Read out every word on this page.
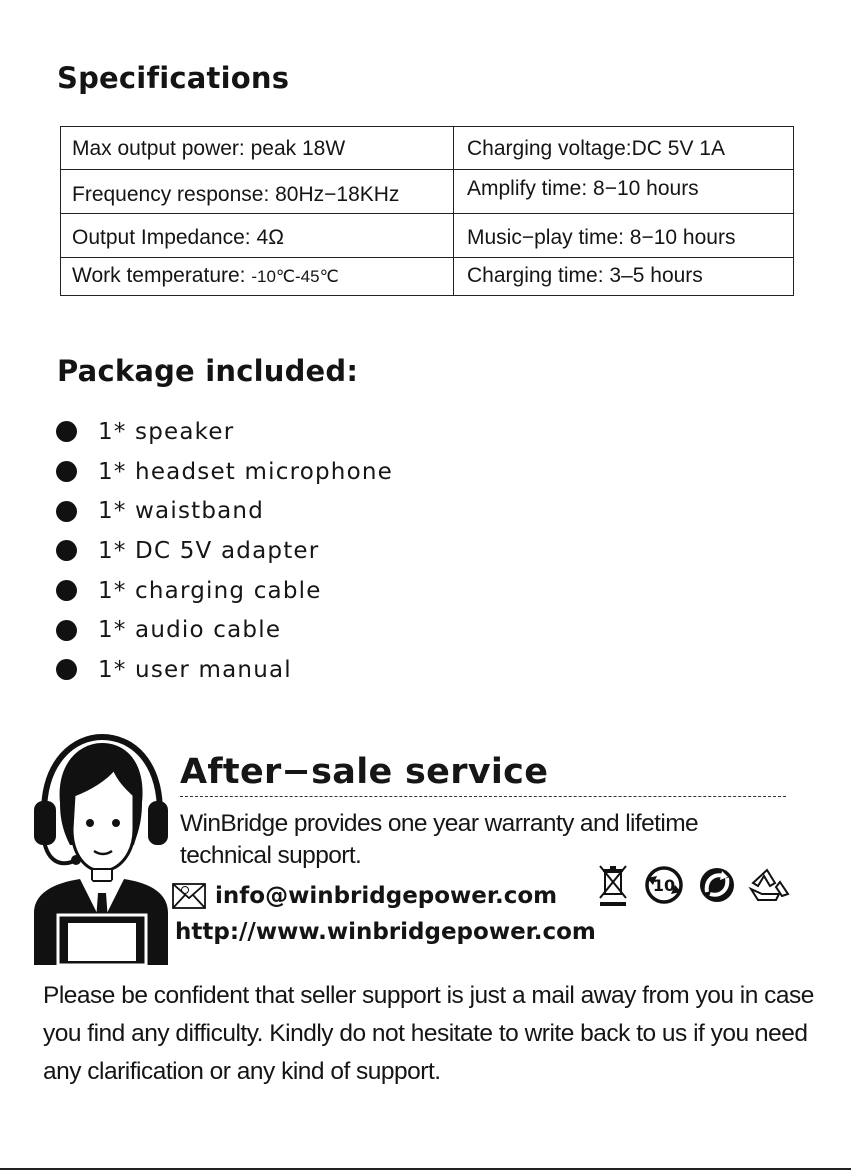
Specifications
Max output power: peak 18W	Charging voltage:DC 5V 1A
Frequency response: 80Hz−18KHz	Amplify time: 8−10 hours
Output Impedance: 4Ω	Music−play time: 8−10 hours
Work temperature: -10℃-45℃	Charging time: 3–5 hours
Package included:
1* speaker
1* headset microphone
1* waistband
1* DC 5V adapter
1* charging cable
1* audio cable
1* user manual
After−sale service

WinBridge provides one year warranty and lifetime technical support.

info@winbridgepower.com
http://www.winbridgepower.com
10

Please be confident that seller support is just a mail away from you in case you find any difficulty. Kindly do not hesitate to write back to us if you need any clarification or any kind of support.
